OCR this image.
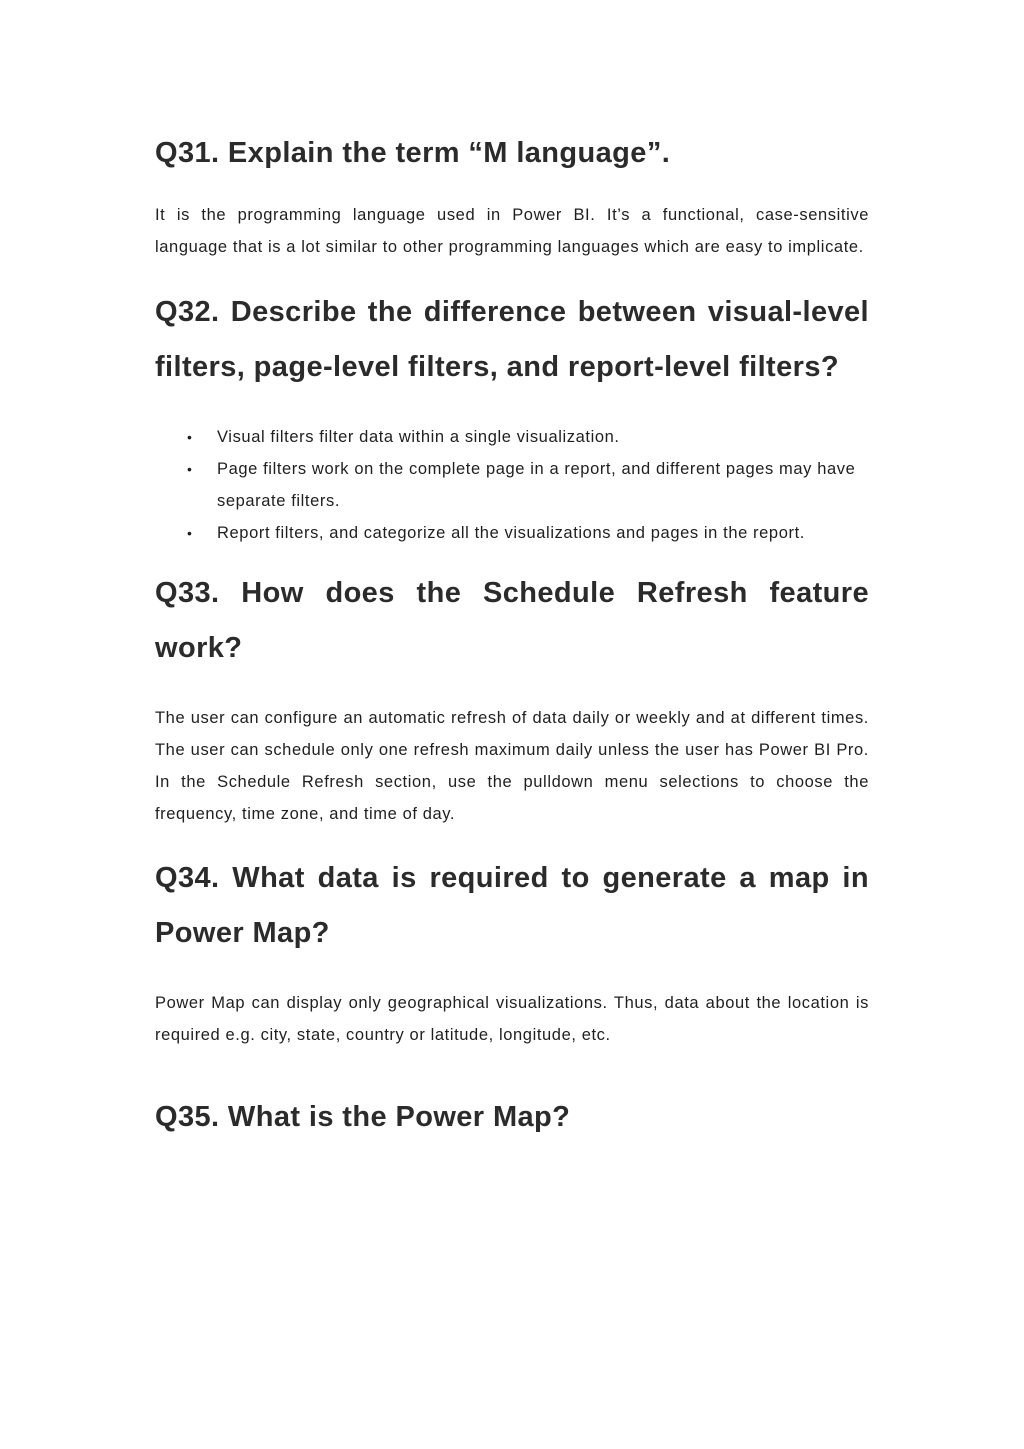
Q31. Explain the term “M language”.

It is the programming language used in Power BI. It’s a functional, case-sensitive language that is a lot similar to other programming languages which are easy to implicate.

Q32. Describe the difference between visual-level filters, page-level filters, and report-level filters?
• Visual filters filter data within a single visualization.
• Page filters work on the complete page in a report, and different pages may have separate filters.
• Report filters, and categorize all the visualizations and pages in the report.
Q33. How does the Schedule Refresh feature work?

The user can configure an automatic refresh of data daily or weekly and at different times. The user can schedule only one refresh maximum daily unless the user has Power BI Pro. In the Schedule Refresh section, use the pulldown menu selections to choose the frequency, time zone, and time of day.

Q34. What data is required to generate a map in Power Map?

Power Map can display only geographical visualizations. Thus, data about the location is required e.g. city, state, country or latitude, longitude, etc.

Q35. What is the Power Map?
